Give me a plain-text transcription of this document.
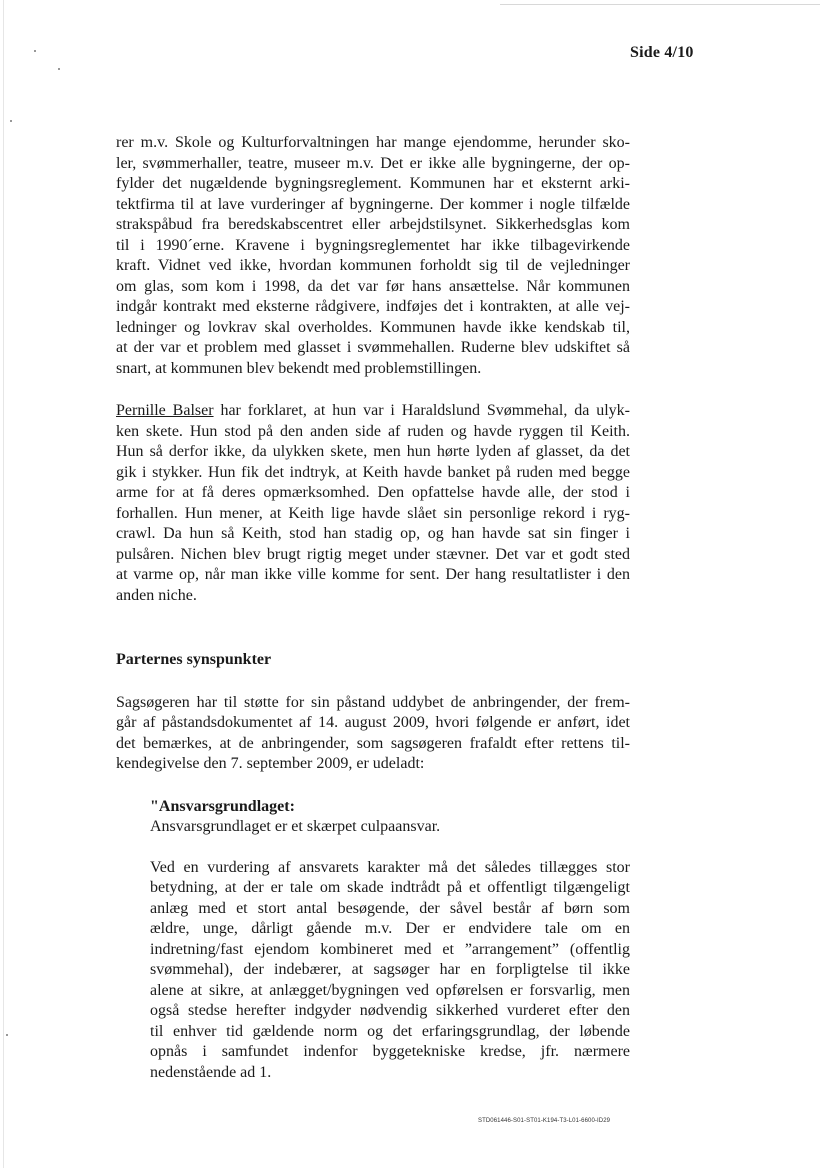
Side 4/10
rer m.v. Skole og Kulturforvaltningen har mange ejendomme, herunder sko-
ler, svømmerhaller, teatre, museer m.v. Det er ikke alle bygningerne, der op-
fylder det nugældende bygningsreglement. Kommunen har et eksternt arki-
tektfirma til at lave vurderinger af bygningerne. Der kommer i nogle tilfælde
strakspåbud fra beredskabscentret eller arbejdstilsynet. Sikkerhedsglas kom
til i 1990´erne. Kravene i bygningsreglementet har ikke tilbagevirkende
kraft. Vidnet ved ikke, hvordan kommunen forholdt sig til de vejledninger
om glas, som kom i 1998, da det var før hans ansættelse. Når kommunen
indgår kontrakt med eksterne rådgivere, indføjes det i kontrakten, at alle vej-
ledninger og lovkrav skal overholdes. Kommunen havde ikke kendskab til,
at der var et problem med glasset i svømmehallen. Ruderne blev udskiftet så
snart, at kommunen blev bekendt med problemstillingen.
Pernille Balser har forklaret, at hun var i Haraldslund Svømmehal, da ulyk-
ken skete. Hun stod på den anden side af ruden og havde ryggen til Keith.
Hun så derfor ikke, da ulykken skete, men hun hørte lyden af glasset, da det
gik i stykker. Hun fik det indtryk, at Keith havde banket på ruden med begge
arme for at få deres opmærksomhed. Den opfattelse havde alle, der stod i
forhallen. Hun mener, at Keith lige havde slået sin personlige rekord i ryg-
crawl. Da hun så Keith, stod han stadig op, og han havde sat sin finger i
pulsåren. Nichen blev brugt rigtig meget under stævner. Det var et godt sted
at varme op, når man ikke ville komme for sent. Der hang resultatlister i den
anden niche.
Parternes synspunkter
Sagsøgeren har til støtte for sin påstand uddybet de anbringender, der frem-
går af påstandsdokumentet af 14. august 2009, hvori følgende er anført, idet
det bemærkes, at de anbringender, som sagsøgeren frafaldt efter rettens til-
kendegivelse den 7. september 2009, er udeladt:
"Ansvarsgrundlaget:
Ansvarsgrundlaget er et skærpet culpaansvar.
Ved en vurdering af ansvarets karakter må det således tillægges stor
betydning, at der er tale om skade indtrådt på et offentligt tilgængeligt
anlæg med et stort antal besøgende, der såvel består af børn som
ældre, unge, dårligt gående m.v. Der er endvidere tale om en
indretning/fast ejendom kombineret med et ”arrangement” (offentlig
svømmehal), der indebærer, at sagsøger har en forpligtelse til ikke
alene at sikre, at anlægget/bygningen ved opførelsen er forsvarlig, men
også stedse herefter indgyder nødvendig sikkerhed vurderet efter den
til enhver tid gældende norm og det erfaringsgrundlag, der løbende
opnås i samfundet indenfor byggetekniske kredse, jfr. nærmere
nedenstående ad 1.
STD061446-S01-ST01-K194-T3-L01-6600-ID29
